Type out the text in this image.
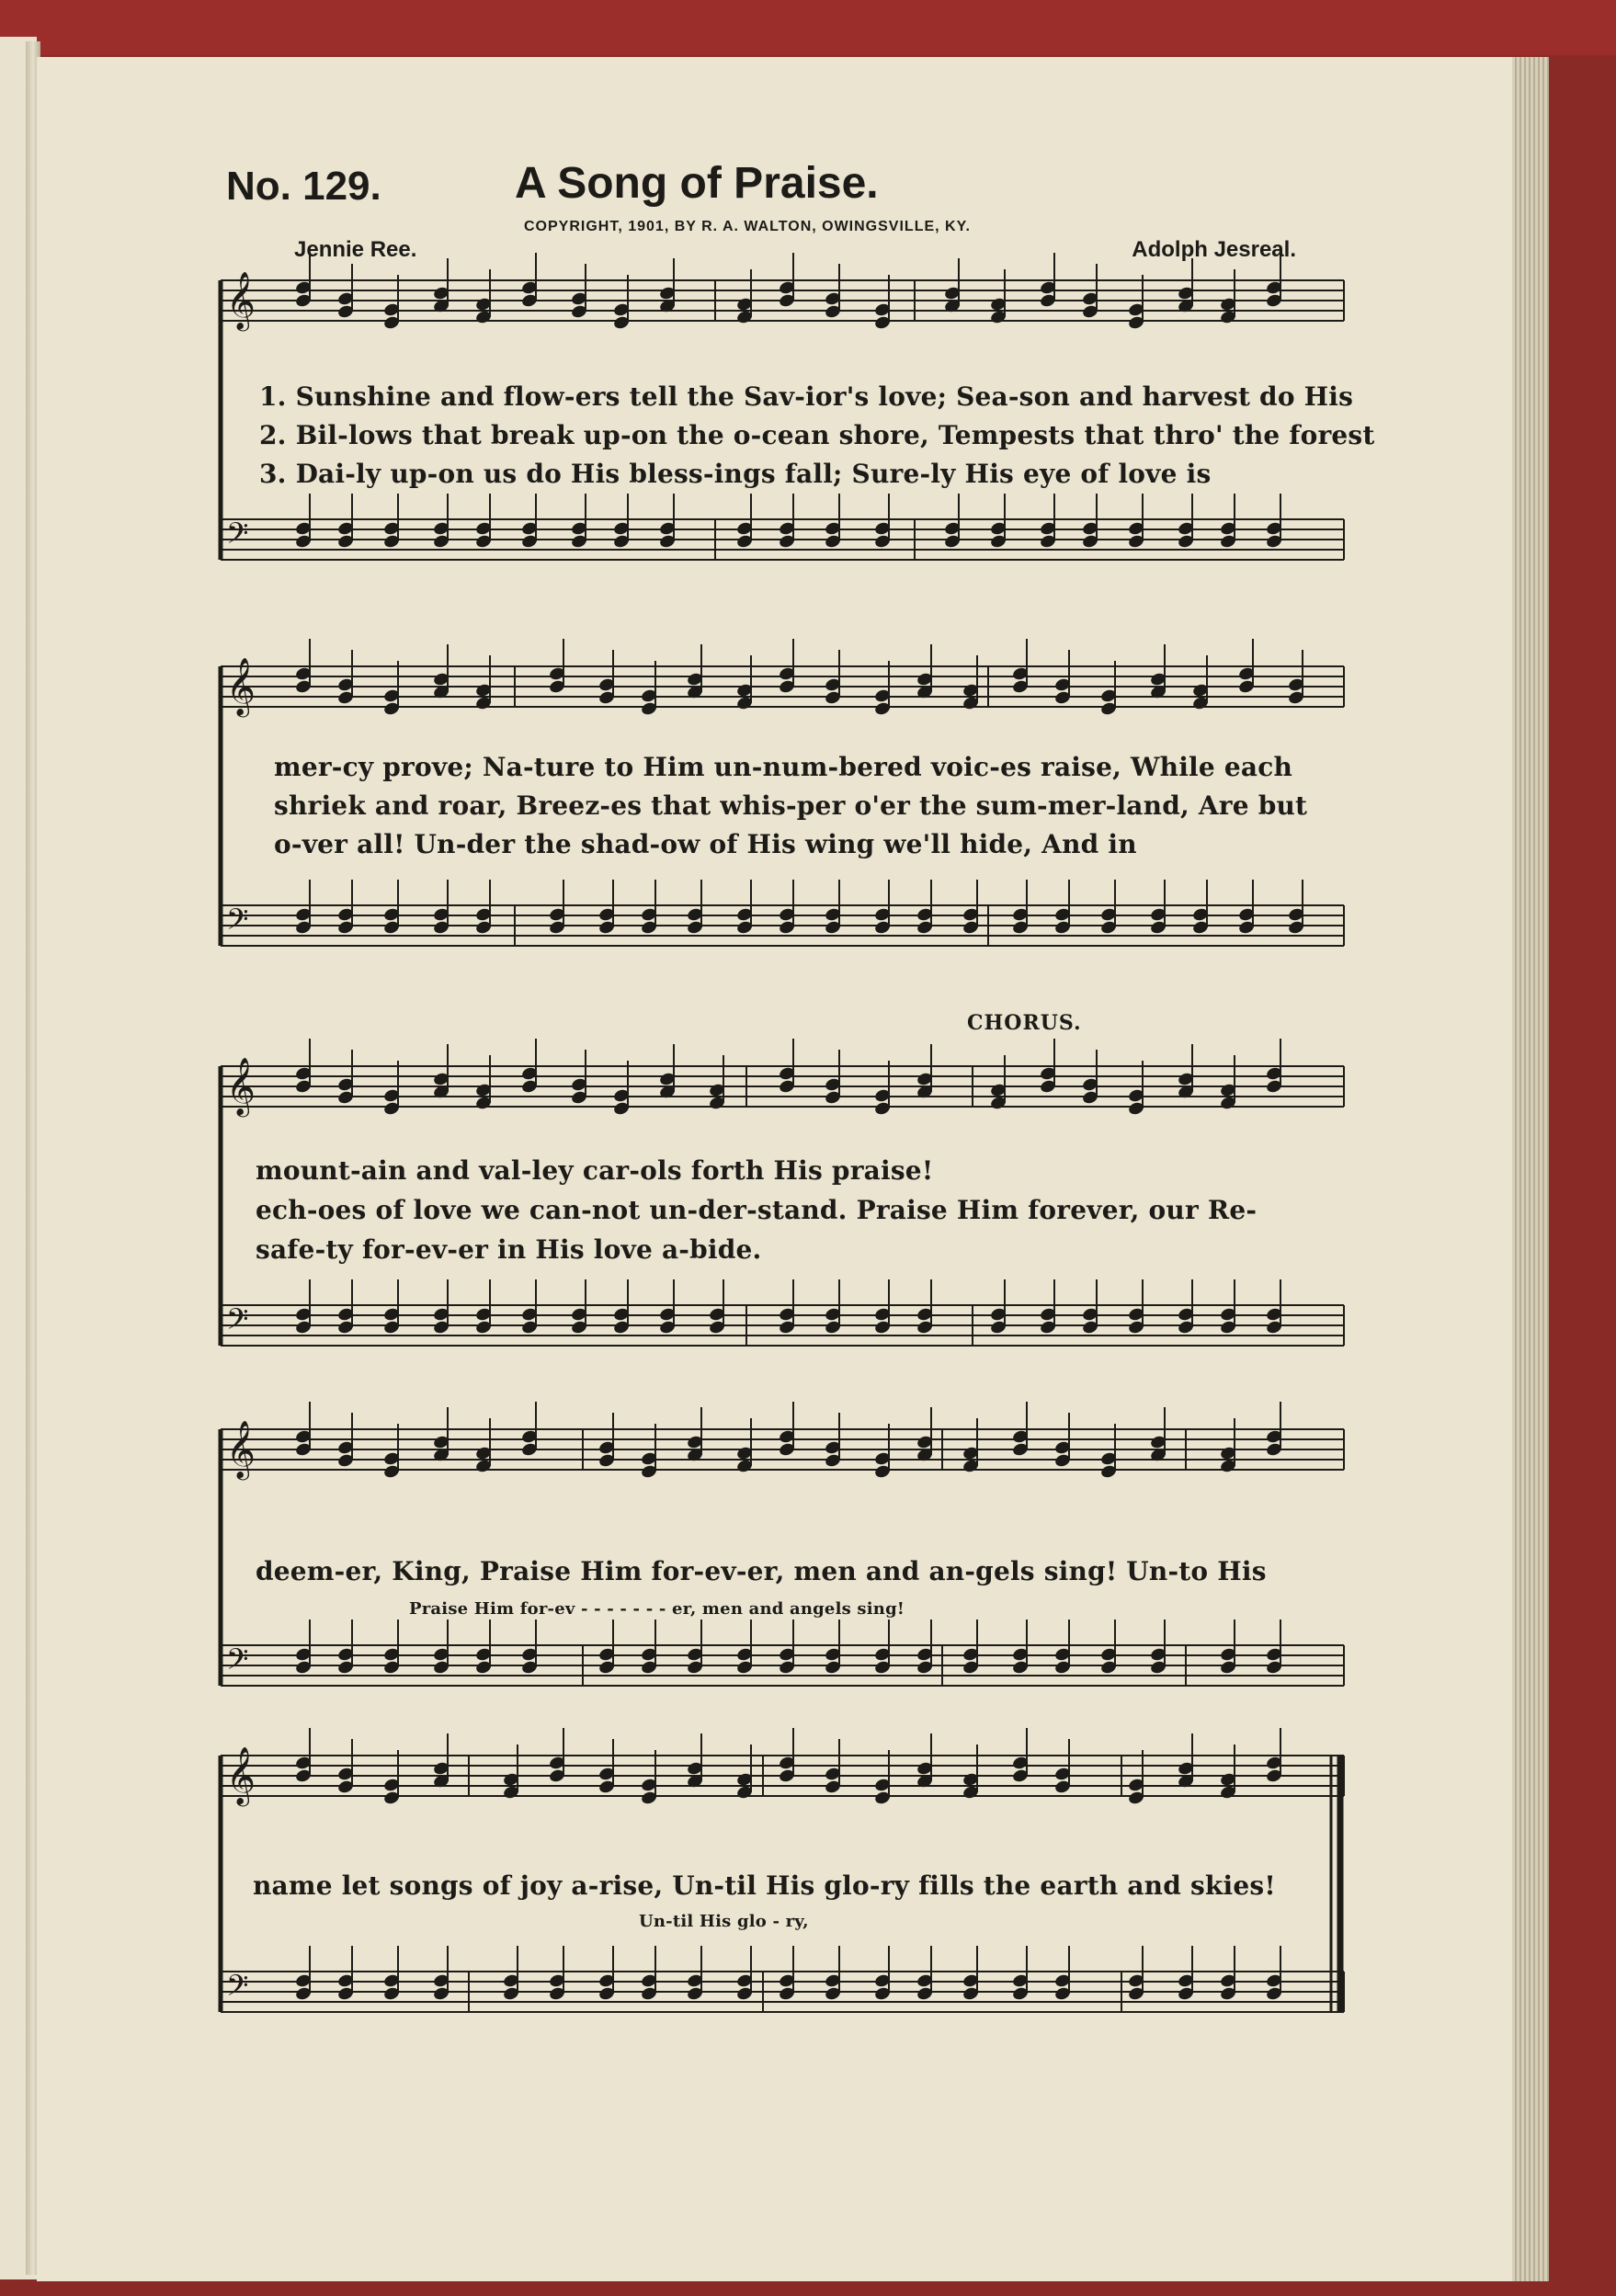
𝄞
𝄢
𝄞
𝄢
𝄞
𝄢
𝄞
𝄢
𝄞
𝄢
No. 129.	A Song of Praise.
COPYRIGHT, 1901, BY R. A. WALTON, OWINGSVILLE, KY.
Jennie Ree.	Adolph Jesreal.
1. Sunshine and flow-ers tell the Sav-ior's love; Sea-son and harvest do His
2. Bil-lows that break up-on the o-cean shore, Tempests that thro' the forest
3. Dai-ly up-on us do His bless-ings fall; Sure-ly His eye of love is
mer-cy prove; Na-ture to Him un-num-bered voic-es raise, While each
shriek and roar, Breez-es that whis-per o'er the sum-mer-land, Are but
o-ver all! Un-der the shad-ow of His wing we'll hide, And in
CHORUS.
mount-ain and val-ley car-ols forth His praise!
ech-oes of love we can-not un-der-stand. Praise Him forever, our Re-
safe-ty for-ev-er in His love a-bide.
deem-er, King, Praise Him for-ev-er, men and an-gels sing! Un-to His
Praise Him for-ev - - - - - - - er, men and angels sing!
name let songs of joy a-rise, Un-til His glo-ry fills the earth and skies!
Un-til His glo - ry,
